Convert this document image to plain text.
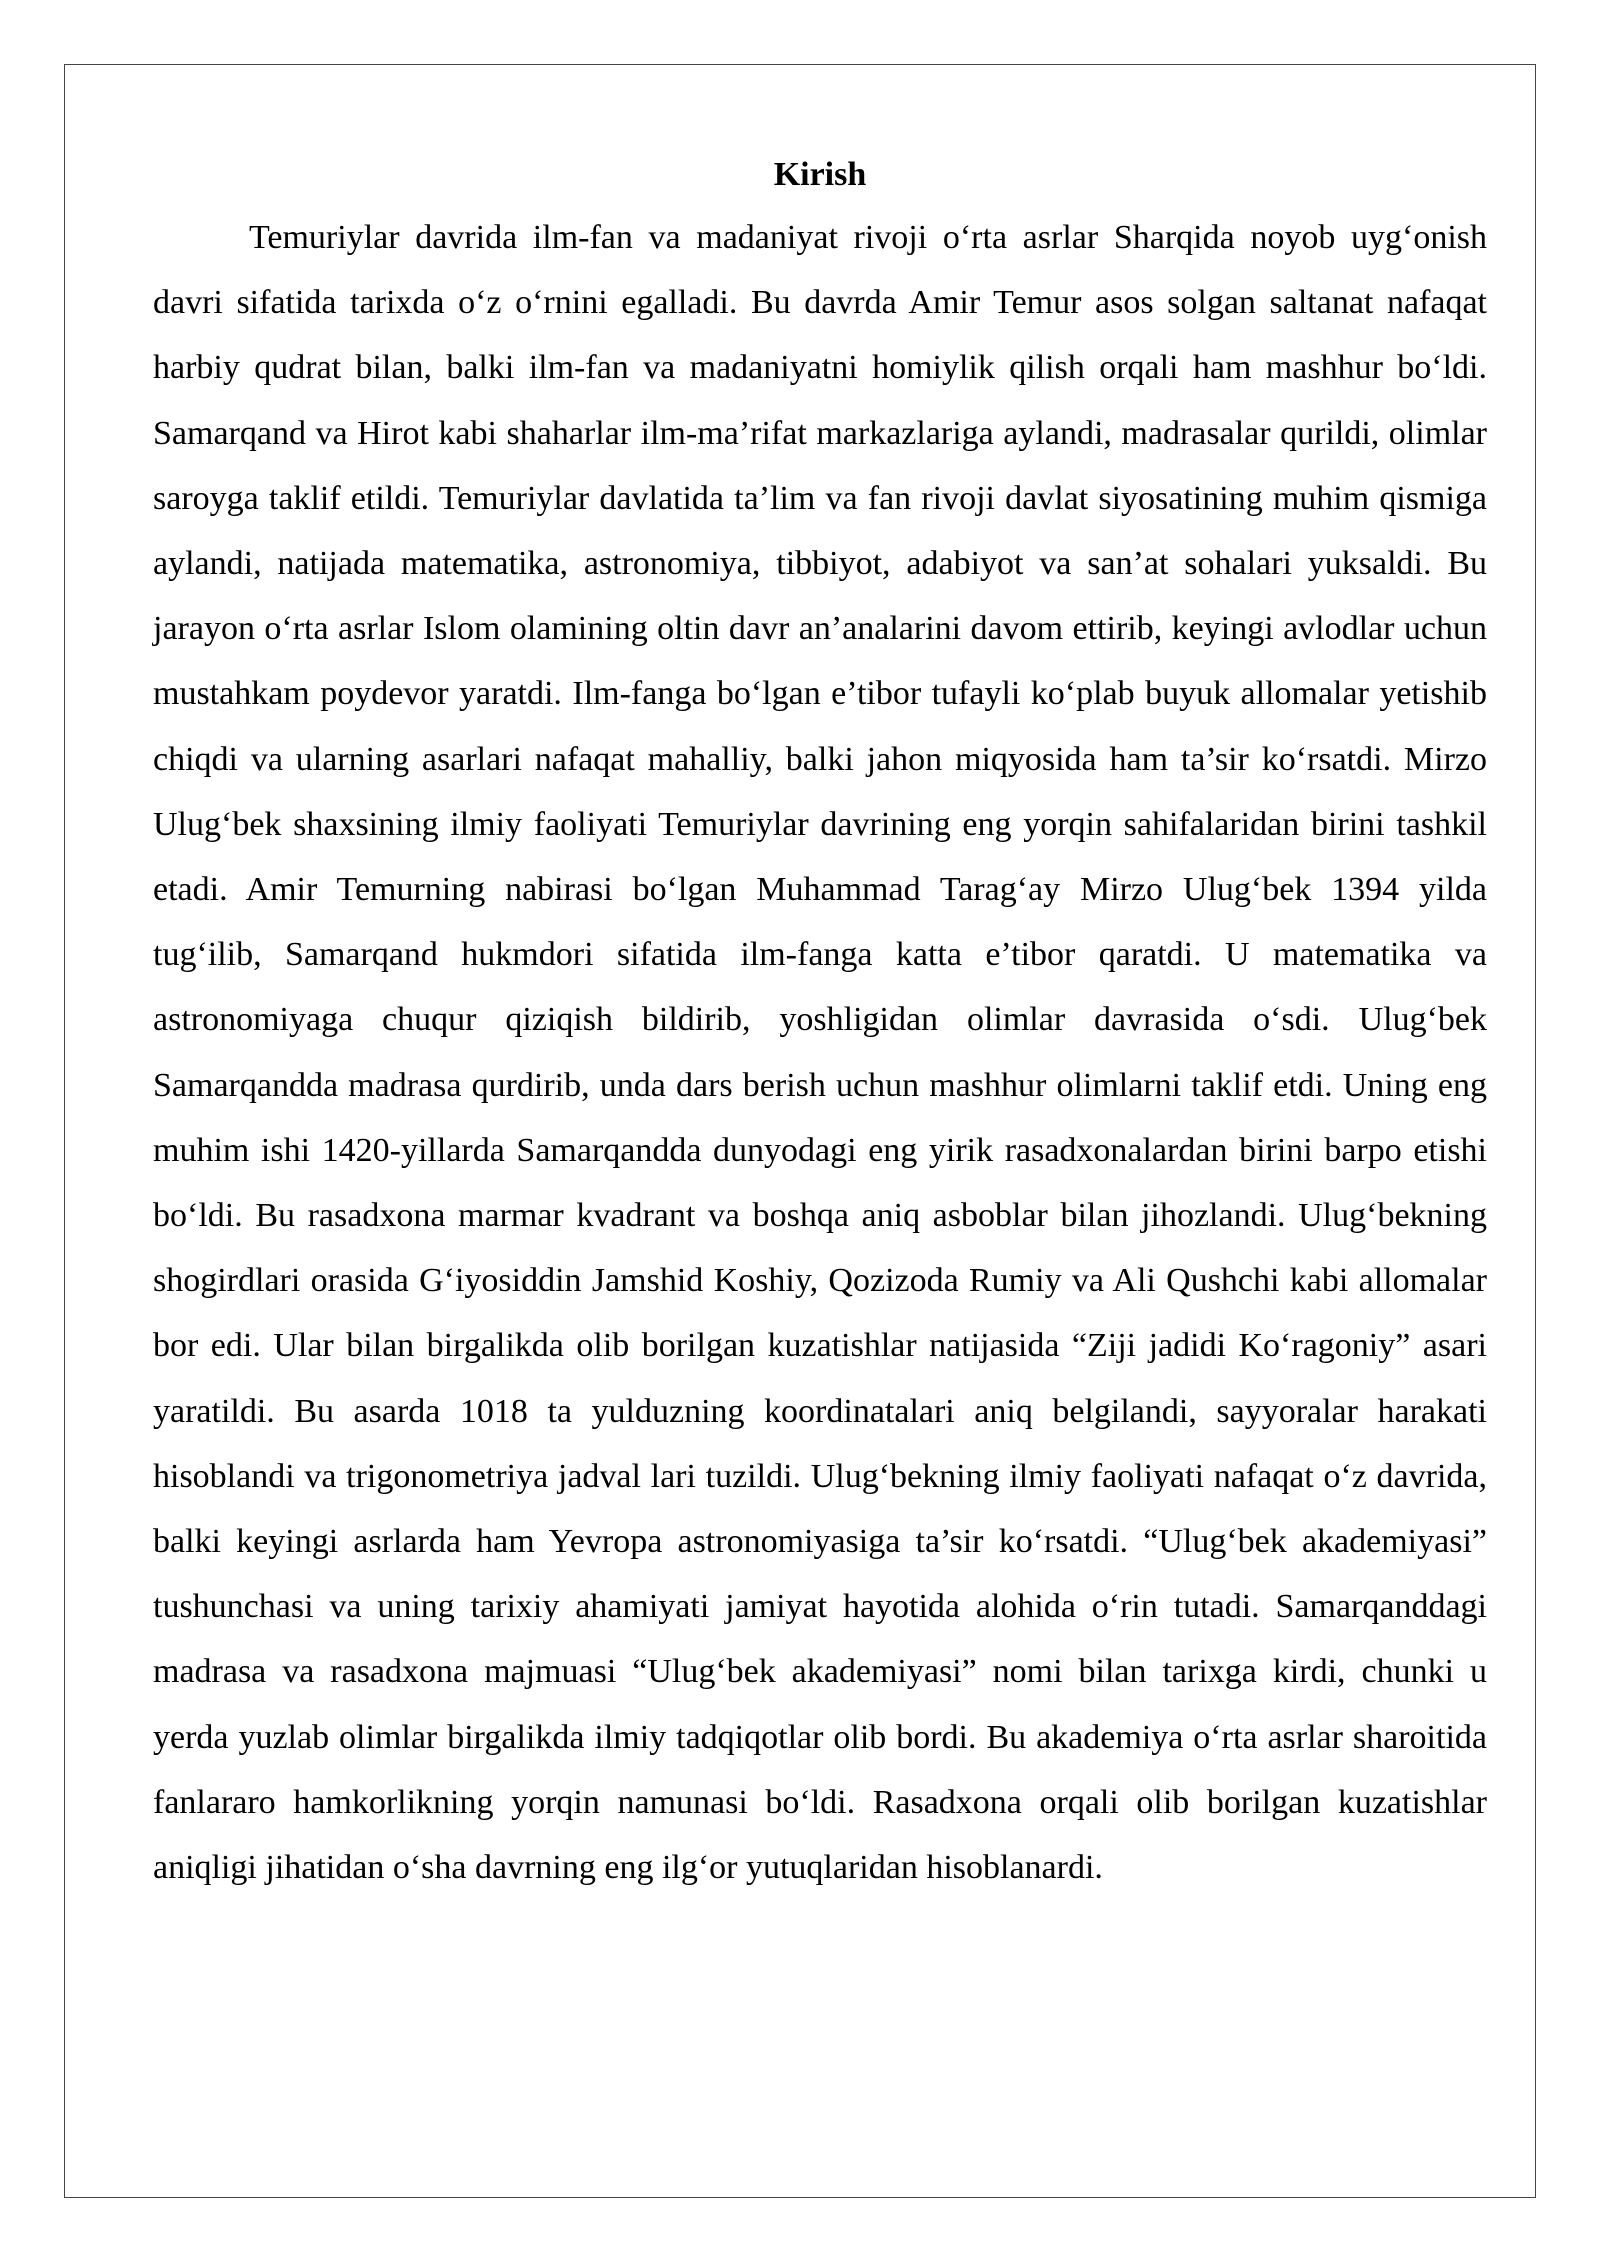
Kirish

Temuriylar davrida ilm-fan va madaniyat rivoji o‘rta asrlar Sharqida noyob uyg‘onish davri sifatida tarixda o‘z o‘rnini egalladi. Bu davrda Amir Temur asos solgan saltanat nafaqat harbiy qudrat bilan, balki ilm-fan va madaniyatni homiylik qilish orqali ham mashhur bo‘ldi. Samarqand va Hirot kabi shaharlar ilm-ma’rifat markazlariga aylandi, madrasalar qurildi, olimlar saroyga taklif etildi. Temuriylar davlatida ta’lim va fan rivoji davlat siyosatining muhim qismiga aylandi, natijada matematika, astronomiya, tibbiyot, adabiyot va san’at sohalari yuksaldi. Bu jarayon o‘rta asrlar Islom olamining oltin davr an’analarini davom ettirib, keyingi avlodlar uchun mustahkam poydevor yaratdi. Ilm-fanga bo‘lgan e’tibor tufayli ko‘plab buyuk allomalar yetishib chiqdi va ularning asarlari nafaqat mahalliy, balki jahon miqyosida ham ta’sir ko‘rsatdi. Mirzo Ulug‘bek shaxsining ilmiy faoliyati Temuriylar davrining eng yorqin sahifalaridan birini tashkil etadi. Amir Temurning nabirasi bo‘lgan Muhammad Tarag‘ay Mirzo Ulug‘bek 1394 yilda tug‘ilib, Samarqand hukmdori sifatida ilm-fanga katta e’tibor qaratdi. U matematika va astronomiyaga chuqur qiziqish bildirib, yoshligidan olimlar davrasida o‘sdi. Ulug‘bek Samarqandda madrasa qurdirib, unda dars berish uchun mashhur olimlarni taklif etdi. Uning eng muhim ishi 1420-yillarda Samarqandda dunyodagi eng yirik rasadxonalardan birini barpo etishi bo‘ldi. Bu rasadxona marmar kvadrant va boshqa aniq asboblar bilan jihozlandi. Ulug‘bekning shogirdlari orasida G‘iyosiddin Jamshid Koshiy, Qozizoda Rumiy va Ali Qushchi kabi allomalar bor edi. Ular bilan birgalikda olib borilgan kuzatishlar natijasida “Ziji jadidi Ko‘ragoniy” asari yaratildi. Bu asarda 1018 ta yulduzning koordinatalari aniq belgilandi, sayyoralar harakati hisoblandi va trigonometriya jadval lari tuzildi. Ulug‘bekning ilmiy faoliyati nafaqat o‘z davrida, balki keyingi asrlarda ham Yevropa astronomiyasiga ta’sir ko‘rsatdi. “Ulug‘bek akademiyasi” tushunchasi va uning tarixiy ahamiyati jamiyat hayotida alohida o‘rin tutadi. Samarqanddagi madrasa va rasadxona majmuasi “Ulug‘bek akademiyasi” nomi bilan tarixga kirdi, chunki u yerda yuzlab olimlar birgalikda ilmiy tadqiqotlar olib bordi. Bu akademiya o‘rta asrlar sharoitida fanlararo hamkorlikning yorqin namunasi bo‘ldi. Rasadxona orqali olib borilgan kuzatishlar aniqligi jihatidan o‘sha davrning eng ilg‘or yutuqlaridan hisoblanardi.
